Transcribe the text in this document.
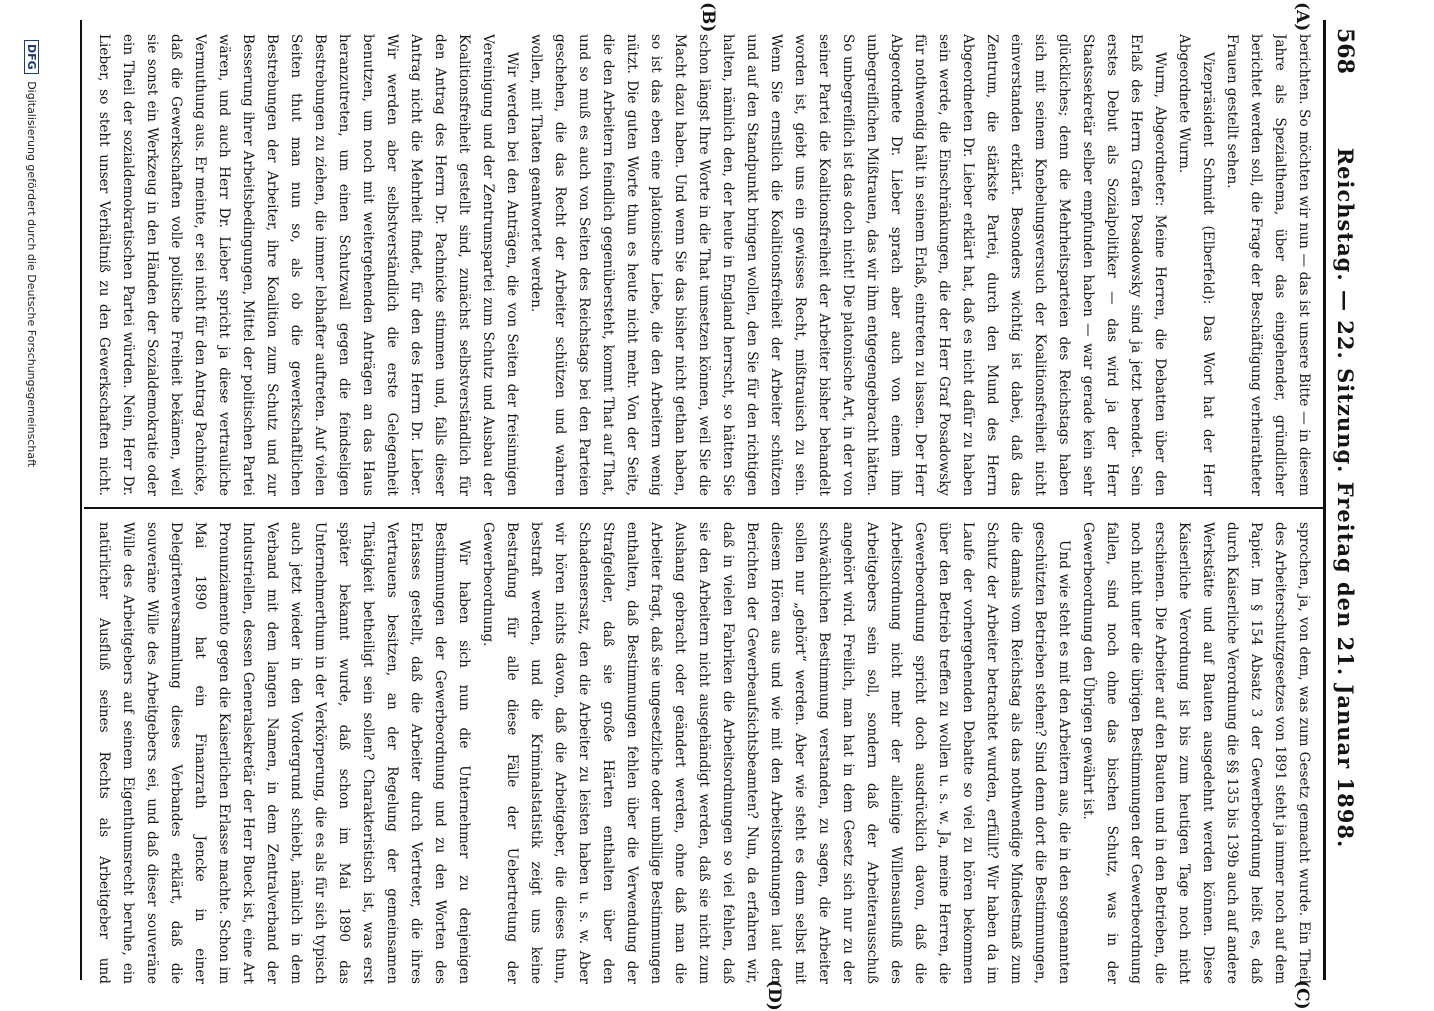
568
Reichstag. — 22. Sitzung. Freitag den 21. Januar 1898.
(A)
(B)
(C)
(D)

berichten. So möchten wir nun — das ist unsere Bitte — in diesem Jahre als Spezialthema, über das eingehender, gründlicher berichtet werden soll, die Frage der Beschäftigung verheiratheter Frauen gestellt sehen.

Vizepräsident Schmidt (Elberfeld): Das Wort hat der Herr Abgeordnete Wurm.

Wurm, Abgeordneter: Meine Herren, die Debatten über den Erlaß des Herrn Grafen Posadowsky sind ja jetzt beendet. Sein erstes Debut als Sozialpolitiker — das wird ja der Herr Staatssekretär selber empfunden haben — war gerade kein sehr glückliches; denn die Mehrheitsparteien des Reichstags haben sich mit seinem Knebelungsversuch der Koalitionsfreiheit nicht einverstanden erklärt. Besonders wichtig ist dabei, daß das Zentrum, die stärkste Partei, durch den Mund des Herrn Abgeordneten Dr. Lieber erklärt hat, daß es nicht dafür zu haben sein werde, die Einschränkungen, die der Herr Graf Posadowsky für nothwendig hält in seinem Erlaß, eintreten zu lassen. Der Herr Abgeordnete Dr. Lieber sprach aber auch von einem ihm unbegreiflichen Mißtrauen, das wir ihm entgegengebracht hätten. So unbegreiflich ist das doch nicht! Die platonische Art, in der von seiner Partei die Koalitionsfreiheit der Arbeiter bisher behandelt worden ist, giebt uns ein gewisses Recht, mißtrauisch zu sein. Wenn Sie ernstlich die Koalitionsfreiheit der Arbeiter schützen und auf den Standpunkt bringen wollen, den Sie für den richtigen halten, nämlich den, der heute in England herrscht, so hätten Sie schon längst Ihre Worte in die That umsetzen können, weil Sie die Macht dazu haben. Und wenn Sie das bisher nicht gethan haben, so ist das eben eine platonische Liebe, die den Arbeitern wenig nützt. Die guten Worte thun es heute nicht mehr. Von der Seite, die den Arbeitern feindlich gegenübersteht, kommt That auf That, und so muß es auch von Seiten des Reichstags bei den Parteien geschehen, die das Recht der Arbeiter schützen und wahren wollen, mit Thaten geantwortet werden.

Wir werden bei den Anträgen, die von Seiten der freisinnigen Vereinigung und der Zentrumspartei zum Schutz und Ausbau der Koalitionsfreiheit gestellt sind, zunächst selbstverständlich für den Antrag des Herrn Dr. Pachnicke stimmen und, falls dieser Antrag nicht die Mehrheit findet, für den des Herrn Dr. Lieber. Wir werden aber selbstverständlich die erste Gelegenheit benutzen, um noch mit weitergehenden Anträgen an das Haus heranzutreten, um einen Schutzwall gegen die feindseligen Bestrebungen zu ziehen, die immer lebhafter auftreten. Auf vielen Seiten thut man nun so, als ob die gewerkschaftlichen Bestrebungen der Arbeiter, ihre Koalition zum Schutz und zur Besserung ihrer Arbeitsbedingungen, Mittel der politischen Partei wären, und auch Herr Dr. Lieber spricht ja diese vertrauliche Vermuthung aus. Er meinte, er sei nicht für den Antrag Pachnicke, daß die Gewerkschaften volle politische Freiheit bekämen, weil sie sonst ein Werkzeug in den Händen der Sozialdemokratie oder ein Theil der sozialdemokratischen Partei würden. Nein, Herr Dr. Lieber, so steht unser Verhältniß zu den Gewerkschaften nicht.

sprochen, ja, von dem, was zum Gesetz gemacht wurde. Ein Theil des Arbeiterschutzgesetzes von 1891 steht ja immer noch auf dem Papier. Im § 154 Absatz 3 der Gewerbeordnung heißt es, daß durch Kaiserliche Verordnung die §§ 135 bis 139b auch auf andere Werkstätte und auf Bauten ausgedehnt werden können. Diese Kaiserliche Verordnung ist bis zum heutigen Tage noch nicht erschienen. Die Arbeiter auf den Bauten und in den Betrieben, die noch nicht unter die übrigen Bestimmungen der Gewerbeordnung fallen, sind noch ohne das bischen Schutz, was in der Gewerbeordnung den Übrigen gewährt ist.

Und wie steht es mit den Arbeitern aus, die in den sogenannten geschützten Betrieben stehen? Sind denn dort die Bestimmungen, die damals vom Reichstag als das nothwendige Mindestmaß zum Schutz der Arbeiter betrachtet wurden, erfüllt? Wir haben da im Laufe der vorhergehenden Debatte so viel zu hören bekommen über den Betrieb treffen zu wollen u. s. w. Ja, meine Herren, die Gewerbeordnung spricht doch ausdrücklich davon, daß die Arbeitsordnung nicht mehr der alleinige Willensausfluß des Arbeitgebers sein soll, sondern daß der Arbeiterausschuß angehört wird. Freilich, man hat in dem Gesetz sich nur zu der schwächlichen Bestimmung verstanden, zu sagen, die Arbeiter sollen nur „gehört“ werden. Aber wie steht es denn selbst mit diesem Hören aus und wie mit den Arbeitsordnungen laut den Berichten der Gewerbeaufsichtsbeamten? Nun, da erfahren wir, daß in vielen Fabriken die Arbeitsordnungen so viel fehlen, daß sie den Arbeitern nicht ausgehändigt werden, daß sie nicht zum Aushang gebracht oder geändert werden, ohne daß man die Arbeiter fragt, daß sie ungesetzliche oder unbillige Bestimmungen enthalten, daß Bestimmungen fehlen über die Verwendung der Strafgelder, daß sie große Härten enthalten über den Schadensersatz, den die Arbeiter zu leisten haben u. s. w. Aber wir hören nichts davon, daß die Arbeitgeber, die dieses thun, bestraft werden, und die Kriminalstatistik zeigt uns keine Bestrafung für alle diese Fälle der Uebertretung der Gewerbeordnung.

Wir haben sich nun die Unternehmer zu denjenigen Bestimmungen der Gewerbeordnung und zu den Worten des Erlasses gestellt, daß die Arbeiter durch Vertreter, die ihres Vertrauens besitzen, an der Regelung der gemeinsamen Thätigkeit betheiligt sein sollen? Charakteristisch ist, was erst später bekannt wurde, daß schon im Mai 1890 das Unternehmerthum in der Verkörperung, die es als für sich typisch auch jetzt wieder in den Vordergrund schiebt, nämlich in dem Verband mit dem langen Namen, in dem Zentralverband der Industriellen, dessen Generalsekretär der Herr Bueck ist, eine Art Pronunziamento gegen die Kaiserlichen Erlasse machte. Schon im Mai 1890 hat ein Finanzrath Jencke in einer Delegirtenversammlung dieses Verbandes erklärt, daß die souveräne Wille des Arbeitgebers sei, und daß dieser souveräne Wille des Arbeitgebers auf seinem Eigenthumsrecht beruhe, ein natürlicher Ausfluß seines Rechts als Arbeitgeber und

DFG Digitalisierung gefördert durch die Deutsche Forschungsgemeinschaft
